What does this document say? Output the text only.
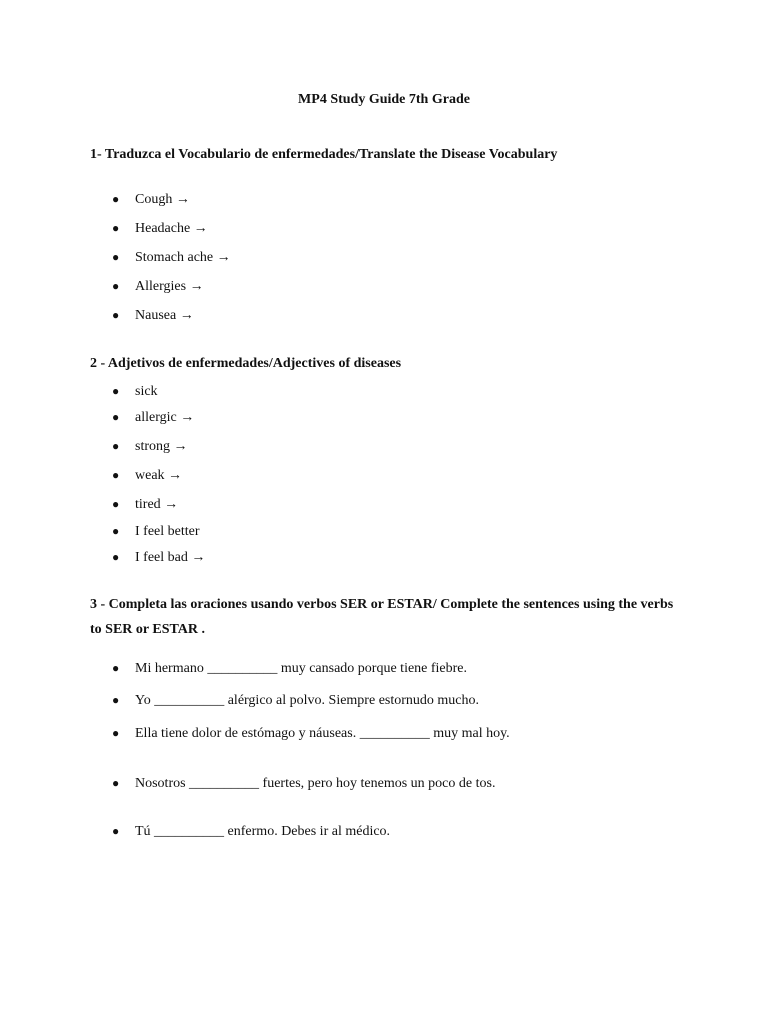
MP4 Study Guide 7th Grade
1- Traduzca el Vocabulario de enfermedades/Translate the Disease Vocabulary
● Cough →
● Headache →
● Stomach ache →
● Allergies →
● Nausea →
2 - Adjetivos de enfermedades/Adjectives of diseases
● sick
● allergic →
● strong →
● weak →
● tired →
● I feel better
● I feel bad →
3 - Completa las oraciones usando verbos SER or ESTAR/ Complete the sentences using the verbs to SER or ESTAR .
● Mi hermano __________ muy cansado porque tiene fiebre.
● Yo __________ alérgico al polvo. Siempre estornudo mucho.
● Ella tiene dolor de estómago y náuseas. __________ muy mal hoy.
● Nosotros __________ fuertes, pero hoy tenemos un poco de tos.
● Tú __________ enfermo. Debes ir al médico.
